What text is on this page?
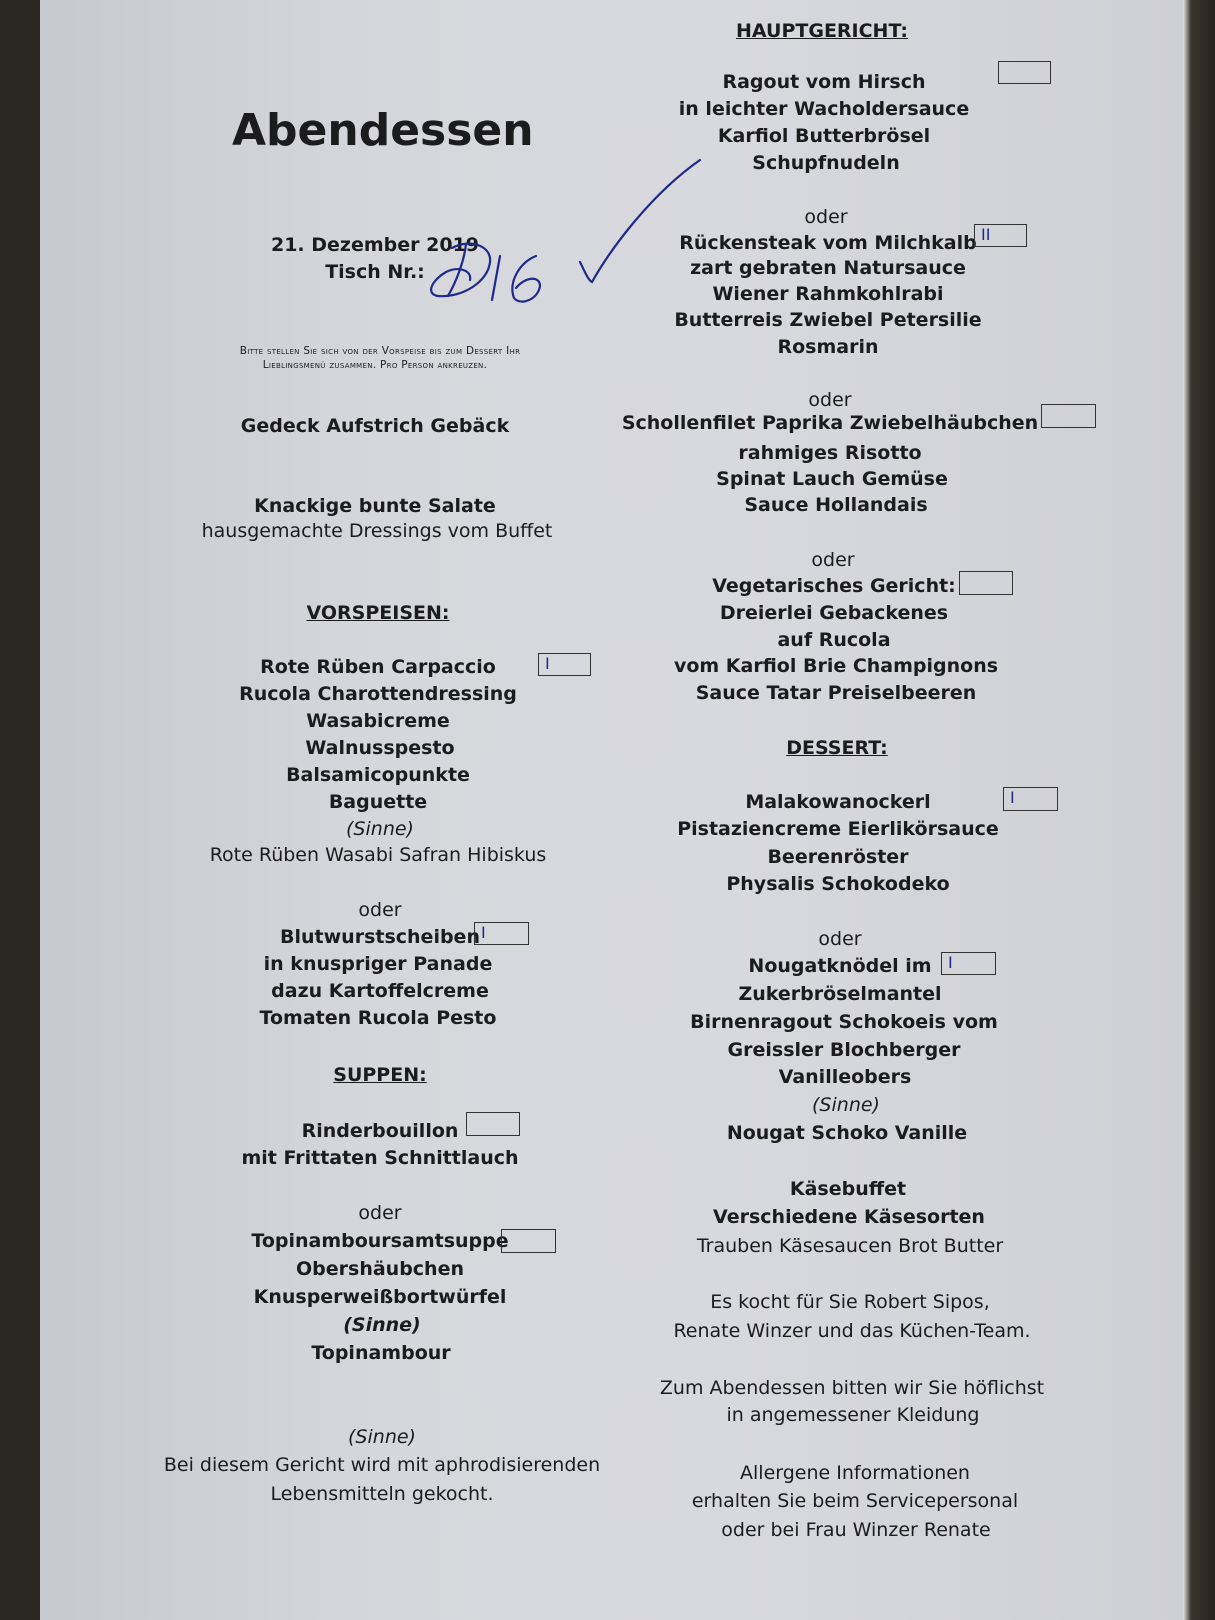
Abendessen
21. Dezember 2019
Tisch Nr.:
Bitte stellen Sie sich von der Vorspeise bis zum Dessert Ihr
Lieblingsmenü zusammen. Pro Person ankreuzen.
Gedeck Aufstrich Gebäck
Knackige bunte Salate
hausgemachte Dressings vom Buffet
VORSPEISEN:
Rote Rüben Carpaccio	I
Rucola Charottendressing
Wasabicreme
Walnusspesto
Balsamicopunkte
Baguette
(Sinne)
Rote Rüben Wasabi Safran Hibiskus
oder
Blutwurstscheiben I
in knuspriger Panade
dazu Kartoffelcreme
Tomaten Rucola Pesto
SUPPEN:
Rinderbouillon
mit Frittaten Schnittlauch
oder
Topinamboursamtsuppe
Obershäubchen
Knusperweißbortwürfel
(Sinne)
Topinambour
(Sinne)
Bei diesem Gericht wird mit aphrodisierenden
Lebensmitteln gekocht.
HAUPTGERICHT:
Ragout vom Hirsch
in leichter Wacholdersauce
Karfiol Butterbrösel
Schupfnudeln
oder
Rückensteak vom Milchkalb II
zart gebraten Natursauce
Wiener Rahmkohlrabi
Butterreis Zwiebel Petersilie
Rosmarin
oder
Schollenfilet Paprika Zwiebelhäubchen
rahmiges Risotto
Spinat Lauch Gemüse
Sauce Hollandais
oder
Vegetarisches Gericht:
Dreierlei Gebackenes
auf Rucola
vom Karfiol Brie Champignons
Sauce Tatar Preiselbeeren
DESSERT:
Malakowanockerl	I
Pistaziencreme Eierlikörsauce
Beerenröster
Physalis Schokodeko
oder
Nougatknödel im I
Zukerbröselmantel
Birnenragout Schokoeis vom
Greissler Blochberger
Vanilleobers
(Sinne)
Nougat Schoko Vanille
Käsebuffet
Verschiedene Käsesorten
Trauben Käsesaucen Brot Butter
Es kocht für Sie Robert Sipos,
Renate Winzer und das Küchen-Team.
Zum Abendessen bitten wir Sie höflichst
in angemessener Kleidung
Allergene Informationen
erhalten Sie beim Servicepersonal
oder bei Frau Winzer Renate
